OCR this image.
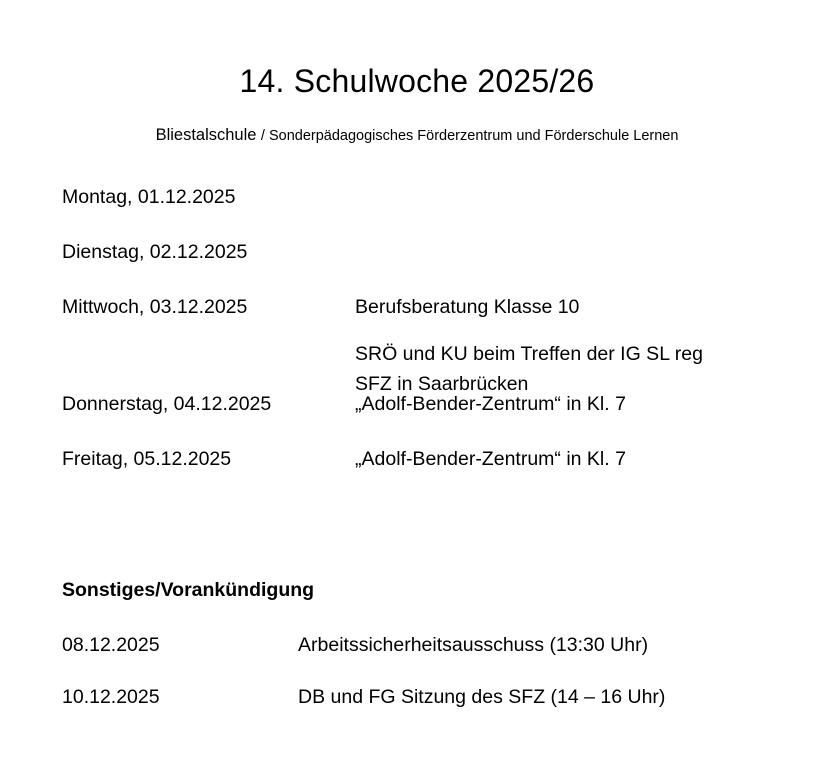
14. Schulwoche 2025/26

Bliestalschule / Sonderpädagogisches Förderzentrum und Förderschule Lernen

Montag, 01.12.2025	
Dienstag, 02.12.2025	
Mittwoch, 03.12.2025	Berufsberatung Klasse 10
SRÖ und KU beim Treffen der IG SL reg
SFZ in Saarbrücken

Donnerstag, 04.12.2025	„Adolf-Bender-Zentrum“ in Kl. 7

Freitag, 05.12.2025	„Adolf-Bender-Zentrum“ in Kl. 7
Sonstiges/Vorankündigung
08.12.2025	Arbeitssicherheitsausschuss (13:30 Uhr)
10.12.2025	DB und FG Sitzung des SFZ (14 – 16 Uhr)
